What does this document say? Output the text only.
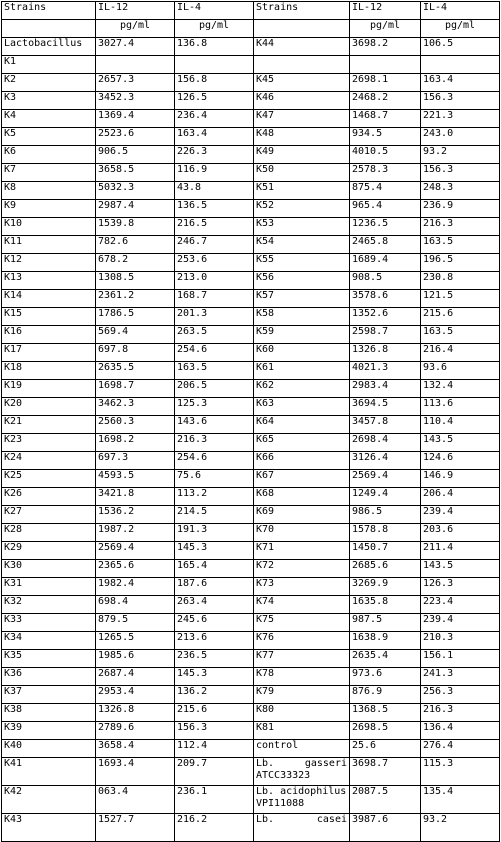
Strains	IL-12	IL-4	Strains	IL-12	IL-4
	pg/ml	pg/ml		pg/ml	pg/ml
Lactobacillus	3027.4	136.8	K44	3698.2	106.5
K1					
K2	2657.3	156.8	K45	2698.1	163.4
K3	3452.3	126.5	K46	2468.2	156.3
K4	1369.4	236.4	K47	1468.7	221.3
K5	2523.6	163.4	K48	934.5	243.0
K6	906.5	226.3	K49	4010.5	93.2
K7	3658.5	116.9	K50	2578.3	156.3
K8	5032.3	43.8	K51	875.4	248.3
K9	2987.4	136.5	K52	965.4	236.9
K10	1539.8	216.5	K53	1236.5	216.3
K11	782.6	246.7	K54	2465.8	163.5
K12	678.2	253.6	K55	1689.4	196.5
K13	1308.5	213.0	K56	908.5	230.8
K14	2361.2	168.7	K57	3578.6	121.5
K15	1786.5	201.3	K58	1352.6	215.6
K16	569.4	263.5	K59	2598.7	163.5
K17	697.8	254.6	K60	1326.8	216.4
K18	2635.5	163.5	K61	4021.3	93.6
K19	1698.7	206.5	K62	2983.4	132.4
K20	3462.3	125.3	K63	3694.5	113.6
K21	2560.3	143.6	K64	3457.8	110.4
K23	1698.2	216.3	K65	2698.4	143.5
K24	697.3	254.6	K66	3126.4	124.6
K25	4593.5	75.6	K67	2569.4	146.9
K26	3421.8	113.2	K68	1249.4	206.4
K27	1536.2	214.5	K69	986.5	239.4
K28	1987.2	191.3	K70	1578.8	203.6
K29	2569.4	145.3	K71	1450.7	211.4
K30	2365.6	165.4	K72	2685.6	143.5
K31	1982.4	187.6	K73	3269.9	126.3
K32	698.4	263.4	K74	1635.8	223.4
K33	879.5	245.6	K75	987.5	239.4
K34	1265.5	213.6	K76	1638.9	210.3
K35	1985.6	236.5	K77	2635.4	156.1
K36	2687.4	145.3	K78	973.6	241.3
K37	2953.4	136.2	K79	876.9	256.3
K38	1326.8	215.6	K80	1368.5	216.3
K39	2789.6	156.3	K81	2698.5	136.4
K40	3658.4	112.4	control	25.6	276.4
K41	1693.4	209.7	Lb. gasseri
ATCC33323	3698.7	115.3
K42	063.4	236.1	Lb. acidophilus
VPI11088	2087.5	135.4
K43	1527.7	216.2	Lb. casei	3987.6	93.2
